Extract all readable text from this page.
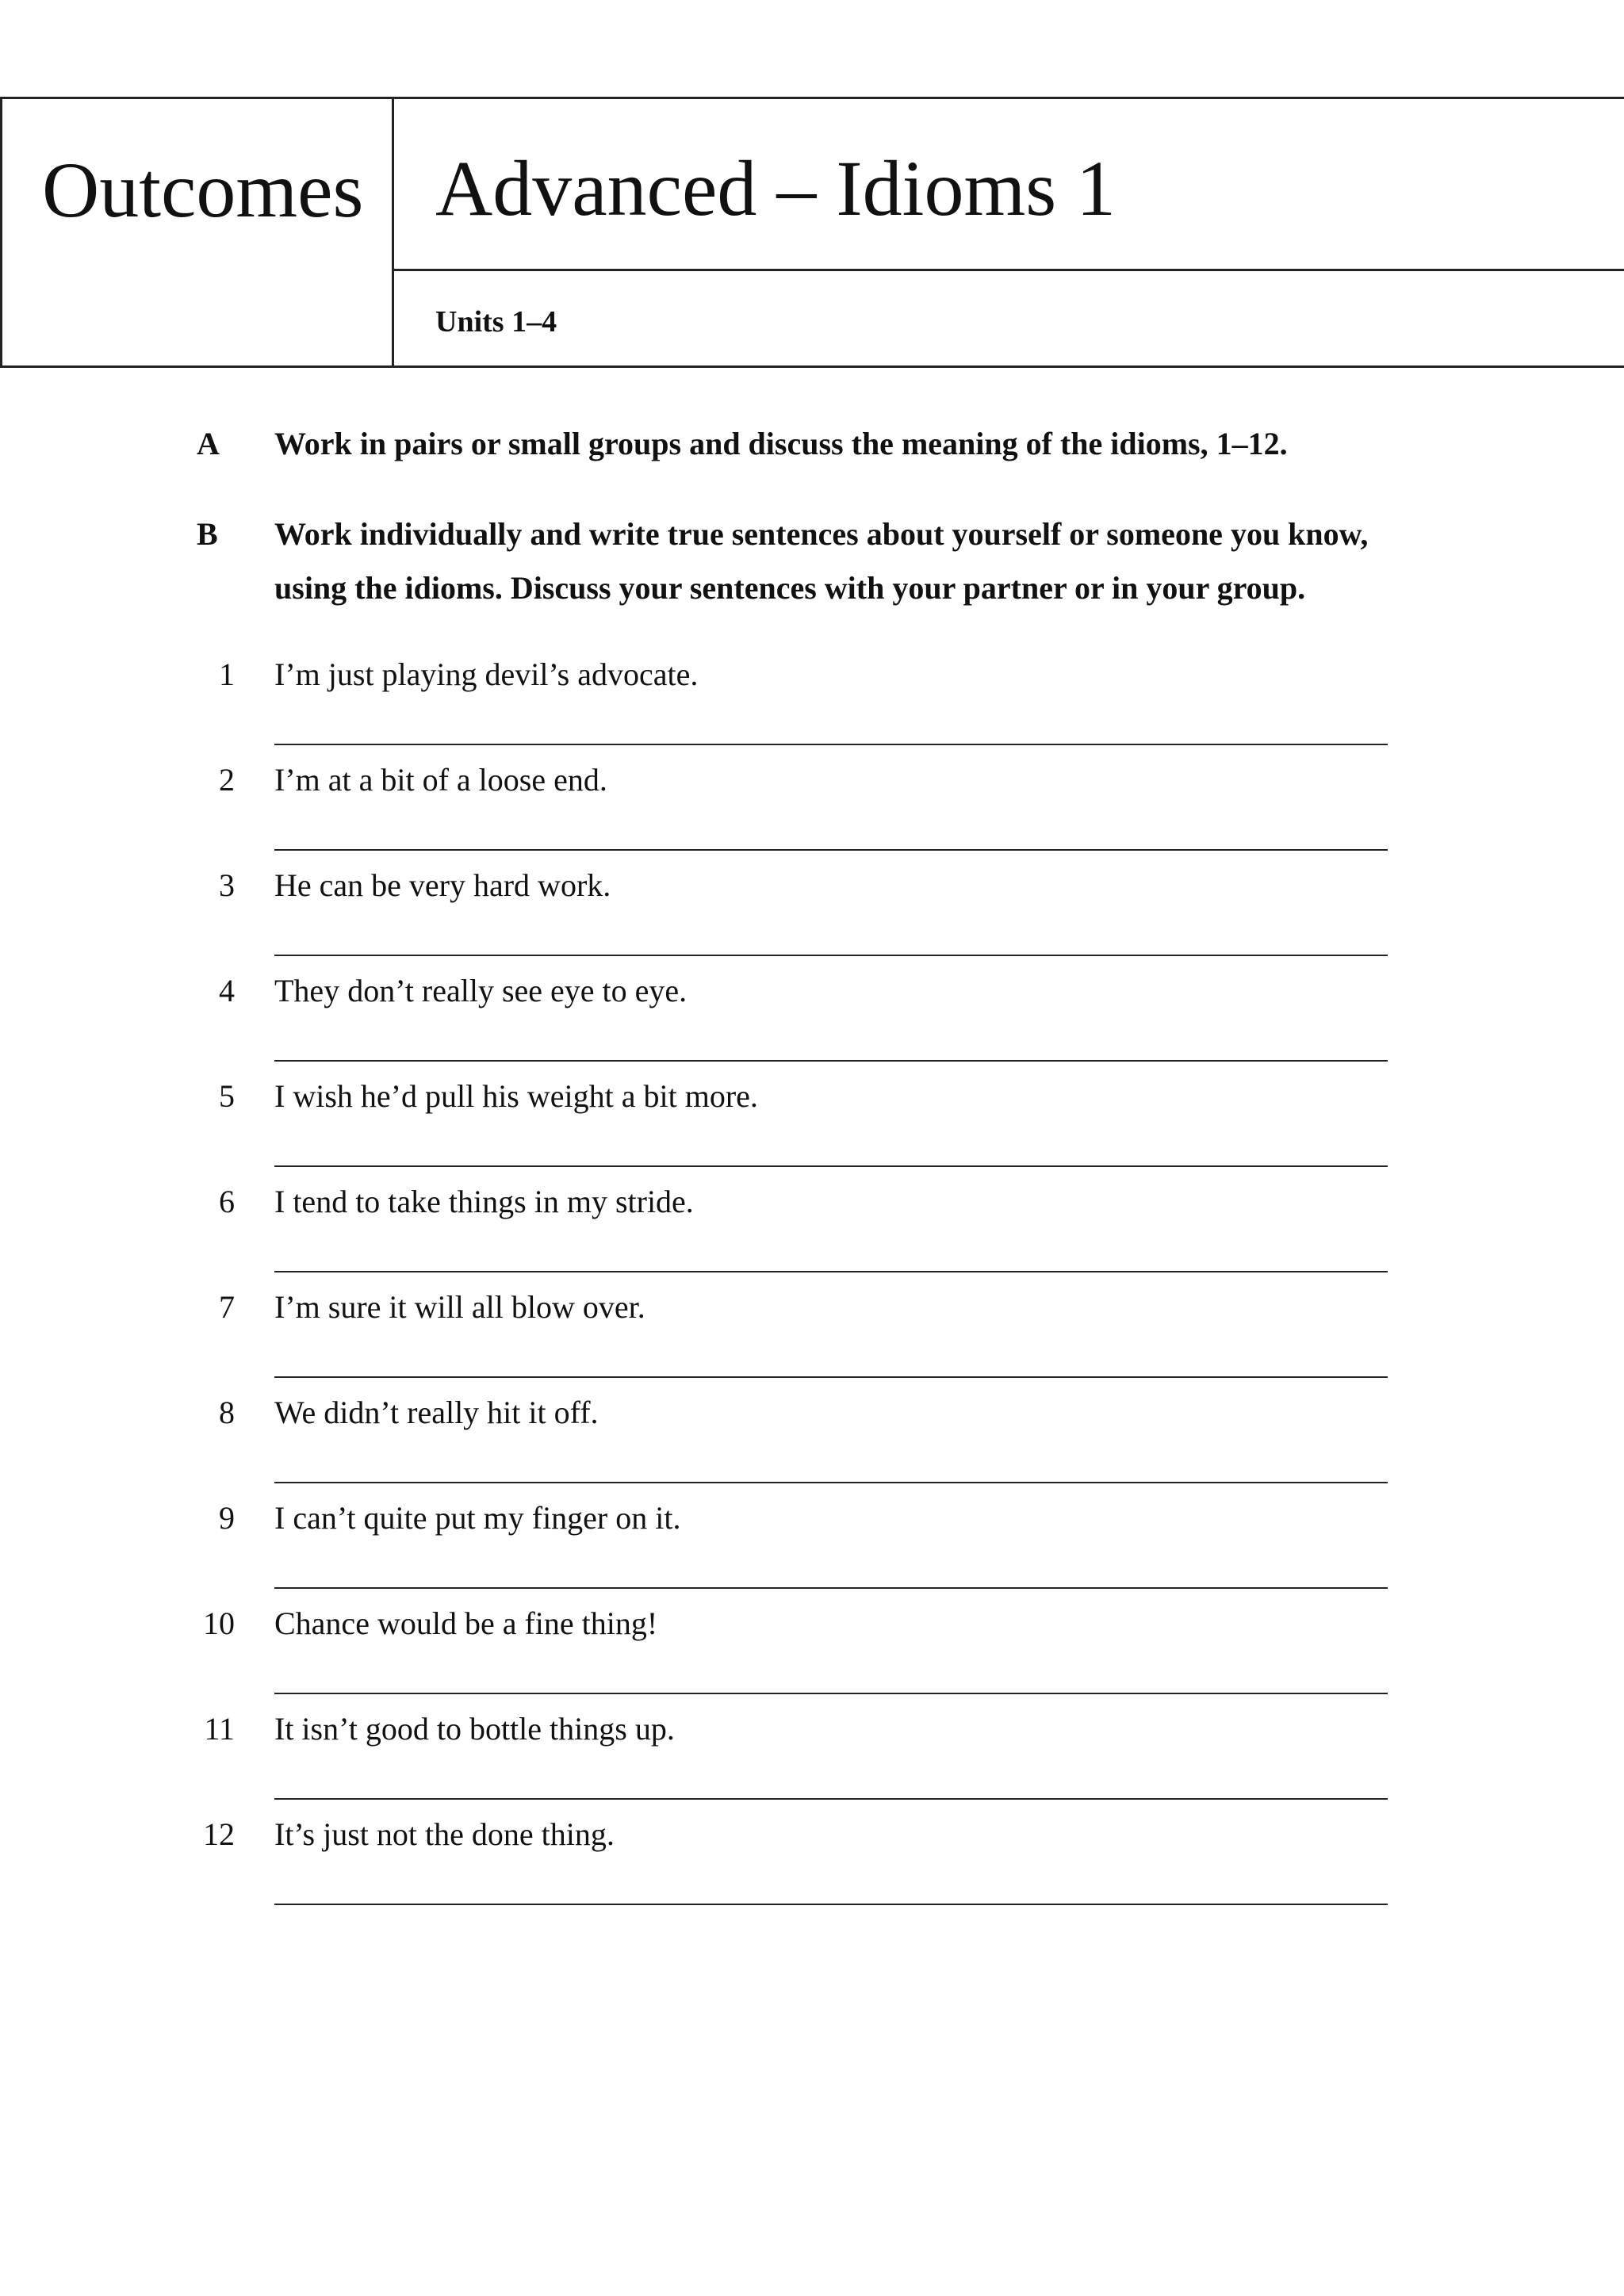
Outcomes Advanced – Idioms 1
Units 1–4
A Work in pairs or small groups and discuss the meaning of the idioms, 1–12.
B Work individually and write true sentences about yourself or someone you know, using the idioms. Discuss your sentences with your partner or in your group.
1 I’m just playing devil’s advocate.
2 I’m at a bit of a loose end.
3 He can be very hard work.
4 They don’t really see eye to eye.
5 I wish he’d pull his weight a bit more.
6 I tend to take things in my stride.
7 I’m sure it will all blow over.
8 We didn’t really hit it off.
9 I can’t quite put my finger on it.
10 Chance would be a fine thing!
11 It isn’t good to bottle things up.
12 It’s just not the done thing.
